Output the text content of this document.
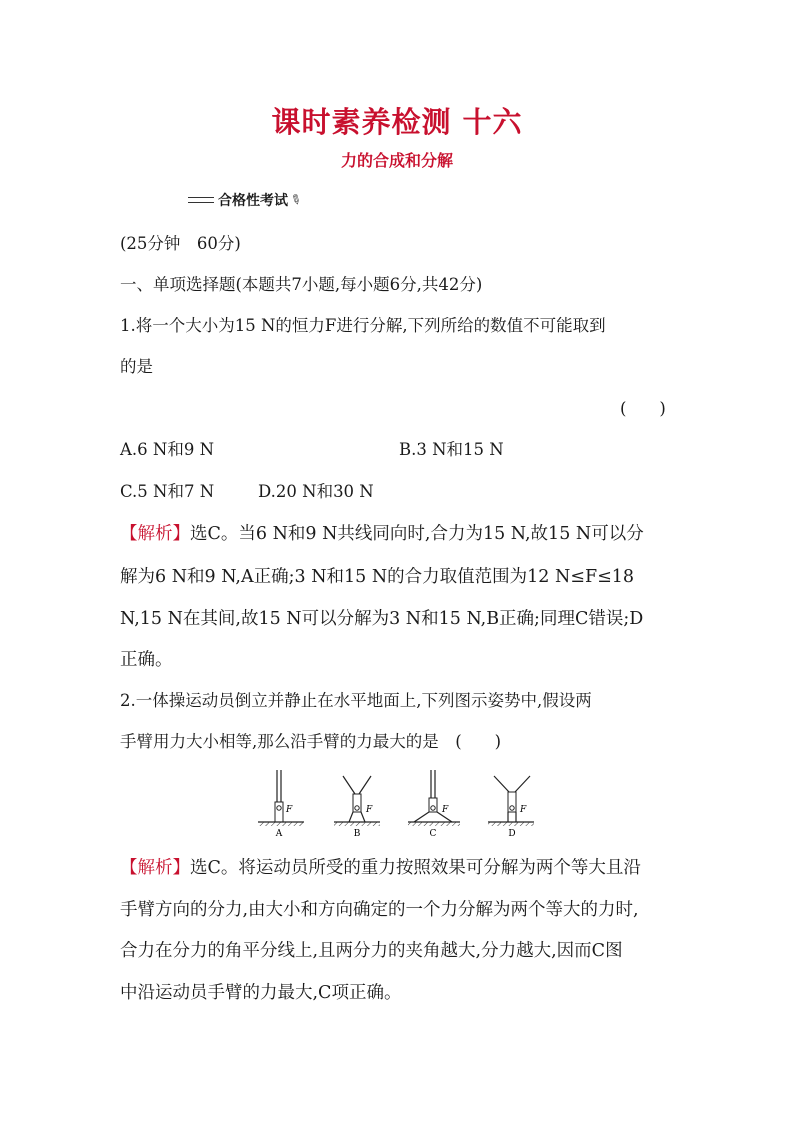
课时素养检测 十六
力的合成和分解
合格性考试
✎
(25分钟　60分)
一、单项选择题(本题共7小题,每小题6分,共42分)
1.将一个大小为15 N的恒力F进行分解,下列所给的数值不可能取到
的是
(　　)
A.6 N和9 N	B.3 N和15 N
C.5 N和7 N	D.20 N和30 N
【解析】选C。当6 N和9 N共线同向时,合力为15 N,故15 N可以分
解为6 N和9 N,A正确;3 N和15 N的合力取值范围为12 N≤F≤18
N,15 N在其间,故15 N可以分解为3 N和15 N,B正确;同理C错误;D
正确。
2.一体操运动员倒立并静止在水平地面上,下列图示姿势中,假设两
手臂用力大小相等,那么沿手臂的力最大的是　(　　)
F
A
F
B
F
C
F
D
【解析】选C。将运动员所受的重力按照效果可分解为两个等大且沿
手臂方向的分力,由大小和方向确定的一个力分解为两个等大的力时,
合力在分力的角平分线上,且两分力的夹角越大,分力越大,因而C图
中沿运动员手臂的力最大,C项正确。
